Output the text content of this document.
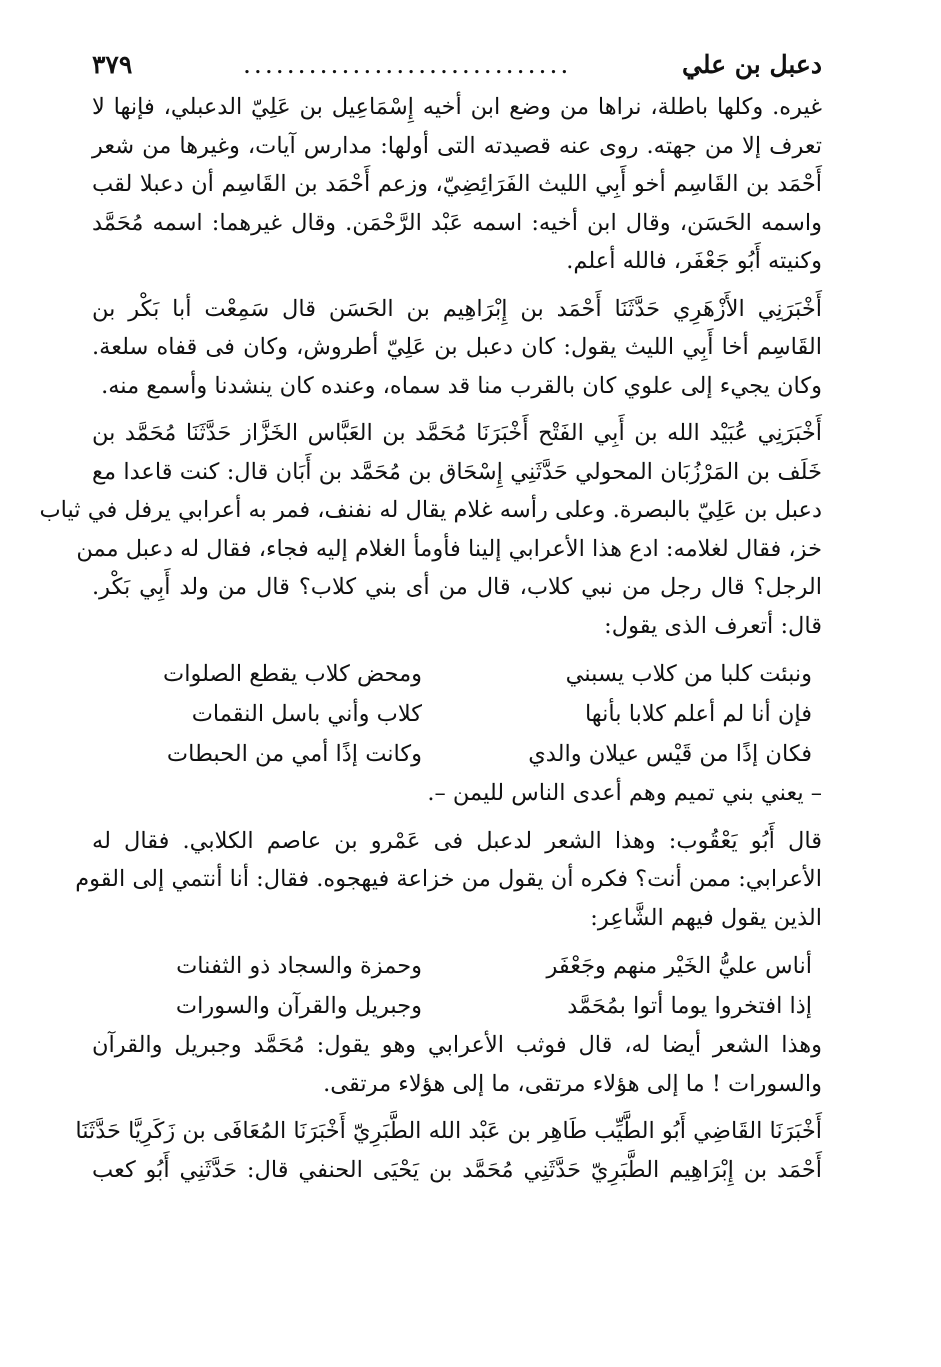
دعبل بن علي
..............................
٣٧٩
غيره. وكلها باطلة، نراها من وضع ابن أخيه إِسْمَاعِيل بن عَلِيّ الدعبلي، فإنها لا
تعرف إلا من جهته. روى عنه قصيدته التى أولها: مدارس آيات، وغيرها من شعر
أَحْمَد بن القَاسِم أخو أَبِي الليث الفَرَائِضِيّ، وزعم أَحْمَد بن القَاسِم أن دعبلا لقب
واسمه الحَسَن، وقال ابن أخيه: اسمه عَبْد الرَّحْمَن. وقال غيرهما: اسمه مُحَمَّد
وكنيته أَبُو جَعْفَر، فالله أعلم.
أَخْبَرَنِي الأَزْهَرِي حَدَّثَنَا أَحْمَد بن إِبْرَاهِيم بن الحَسَن قال سَمِعْت أبا بَكْر بن
القَاسِم أخا أَبِي الليث يقول: كان دعبل بن عَلِيّ أطروش، وكان فى قفاه سلعة.
وكان يجيء إلى علوي كان بالقرب منا قد سماه، وعنده كان ينشدنا وأسمع منه.
أَخْبَرَنِي عُبَيْد الله بن أَبِي الفَتْح أَخْبَرَنَا مُحَمَّد بن العَبَّاس الخَزَّاز حَدَّثَنَا مُحَمَّد بن
خَلَف بن المَرْزُبَان المحولي حَدَّثَنِي إِسْحَاق بن مُحَمَّد بن أَبَان قال: كنت قاعدا مع
دعبل بن عَلِيّ بالبصرة. وعلى رأسه غلام يقال له نفنف، فمر به أعرابي يرفل في ثياب
خز، فقال لغلامه: ادع هذا الأعرابي إلينا فأومأ الغلام إليه فجاء، فقال له دعبل ممن
الرجل؟ قال رجل من نبي كلاب، قال من أى بني كلاب؟ قال من ولد أَبِي بَكْر.
قال: أتعرف الذى يقول:
ونبئت كلبا من كلاب يسبني
ومحض كلاب يقطع الصلوات
فإن أنا لم أعلم كلابا بأنها
كلاب وأني باسل النقمات
فكان إذًا من قَيْس عيلان والدي
وكانت إذًا أمي من الحبطات
– يعني بني تميم وهم أعدى الناس لليمن –.
قال أَبُو يَعْقُوب: وهذا الشعر لدعبل فى عَمْرو بن عاصم الكلابي. فقال له
الأعرابي: ممن أنت؟ فكره أن يقول من خزاعة فيهجوه. فقال: أنا أنتمي إلى القوم
الذين يقول فيهم الشَّاعِر:
أناس عليُّ الخَيْر منهم وجَعْفَر
وحمزة والسجاد ذو الثفنات
إذا افتخروا يوما أتوا بمُحَمَّد
وجبريل والقرآن والسورات
وهذا الشعر أيضا له، قال فوثب الأعرابي وهو يقول: مُحَمَّد وجبريل والقرآن
والسورات ! ما إلى هؤلاء مرتقى، ما إلى هؤلاء مرتقى.
أَخْبَرَنَا القَاضِي أَبُو الطَّيِّب طَاهِر بن عَبْد الله الطَّبَرِيّ أَخْبَرَنَا المُعَافَى بن زَكَرِيَّا حَدَّثَنَا
أَحْمَد بن إِبْرَاهِيم الطَّبَرِيّ حَدَّثَنِي مُحَمَّد بن يَحْيَى الحنفي قال: حَدَّثَنِي أَبُو كعب
